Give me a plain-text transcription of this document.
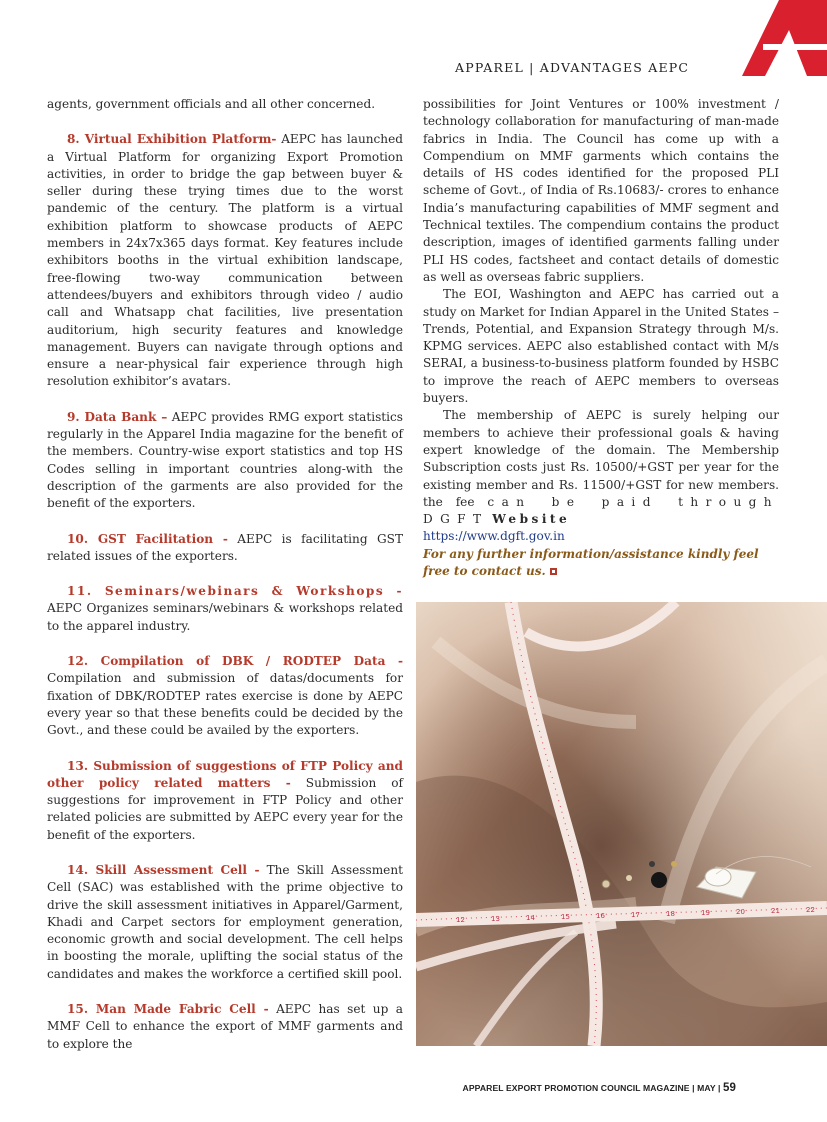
APPAREL | ADVANTAGES AEPC

agents, government officials and all other concerned.

8. Virtual Exhibition Platform- AEPC has launched a Virtual Platform for organizing Export Promotion activities, in order to bridge the gap between buyer & seller during these trying times due to the worst pandemic of the century. The platform is a virtual exhibition platform to showcase products of AEPC members in 24x7x365 days format. Key features include exhibitors booths in the virtual exhibition landscape, free-flowing two-way communication between attendees/buyers and exhibitors through video / audio call and Whatsapp chat facilities, live presentation auditorium, high security features and knowledge management. Buyers can navigate through options and ensure a near-physical fair experience through high resolution exhibitor’s avatars.

9. Data Bank – AEPC provides RMG export statistics regularly in the Apparel India magazine for the benefit of the members. Country-wise export statistics and top HS Codes selling in important countries along-with the description of the garments are also provided for the benefit of the exporters.

10. GST Facilitation - AEPC is facilitating GST related issues of the exporters.

11. Seminars/webinars & Workshops - AEPC Organizes seminars/webinars & workshops related to the apparel industry.

12. Compilation of DBK / RODTEP Data -Compilation and submission of datas/documents for fixation of DBK/RODTEP rates exercise is done by AEPC every year so that these benefits could be decided by the Govt., and these could be availed by the exporters.

13. Submission of suggestions of FTP Policy and other policy related matters - Submission of suggestions for improvement in FTP Policy and other related policies are submitted by AEPC every year for the benefit of the exporters.

14. Skill Assessment Cell - The Skill Assessment Cell (SAC) was established with the prime objective to drive the skill assessment initiatives in Apparel/Garment, Khadi and Carpet sectors for employment generation, economic growth and social development. The cell helps in boosting the morale, uplifting the social status of the candidates and makes the workforce a certified skill pool.

15. Man Made Fabric Cell - AEPC has set up a MMF Cell to enhance the export of MMF garments and to explore the

possibilities for Joint Ventures or 100% investment / technology collaboration for manufacturing of man-made fabrics in India. The Council has come up with a Compendium on MMF garments which contains the details of HS codes identified for the proposed PLI scheme of Govt., of India of Rs.10683/- crores to enhance India’s manufacturing capabilities of MMF segment and Technical textiles. The compendium contains the product description, images of identified garments falling under PLI HS codes, factsheet and contact details of domestic as well as overseas fabric suppliers.

The EOI, Washington and AEPC has carried out a study on Market for Indian Apparel in the United States – Trends, Potential, and Expansion Strategy through M/s. KPMG services. AEPC also established contact with M/s SERAI, a business-to-business platform founded by HSBC to improve the reach of AEPC members to overseas buyers.

The membership of AEPC is surely helping our members to achieve their professional goals & having expert knowledge of the domain. The Membership Subscription costs just Rs. 10500/+GST per year for the existing member and Rs. 11500/+GST for new members. the fee can be paid through DGFT Website
https://www.dgft.gov.in

For any further information/assistance kindly feel free to contact us.

12	13	14	15	16	17	18	19	20	21	22
APPAREL EXPORT PROMOTION COUNCIL MAGAZINE | MAY | 59
